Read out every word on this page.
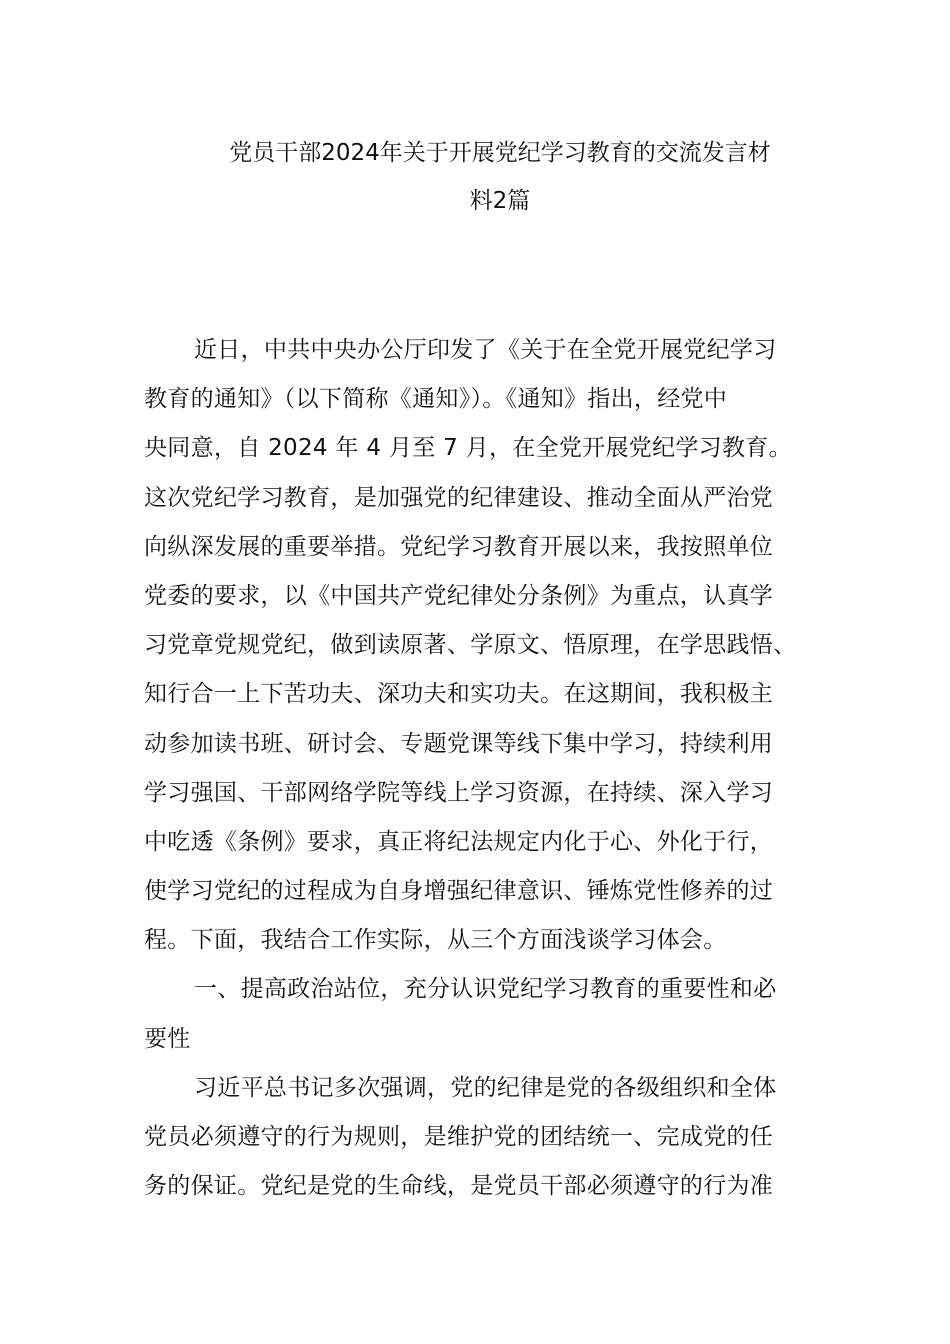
党员干部2024年关于开展党纪学习教育的交流发言材
料2篇
近日，中共中央办公厅印发了《关于在全党开展党纪学习
教育的通知》（以下简称《通知》）。《通知》指出，经党中
央同意，自 2024 年 4 月至 7 月，在全党开展党纪学习教育。
这次党纪学习教育，是加强党的纪律建设、推动全面从严治党
向纵深发展的重要举措。党纪学习教育开展以来，我按照单位
党委的要求，以《中国共产党纪律处分条例》为重点，认真学
习党章党规党纪，做到读原著、学原文、悟原理，在学思践悟、
知行合一上下苦功夫、深功夫和实功夫。在这期间，我积极主
动参加读书班、研讨会、专题党课等线下集中学习，持续利用
学习强国、干部网络学院等线上学习资源，在持续、深入学习
中吃透《条例》要求，真正将纪法规定内化于心、外化于行，
使学习党纪的过程成为自身增强纪律意识、锤炼党性修养的过
程。下面，我结合工作实际，从三个方面浅谈学习体会。
一、提高政治站位，充分认识党纪学习教育的重要性和必
要性
习近平总书记多次强调，党的纪律是党的各级组织和全体
党员必须遵守的行为规则，是维护党的团结统一、完成党的任
务的保证。党纪是党的生命线，是党员干部必须遵守的行为准
